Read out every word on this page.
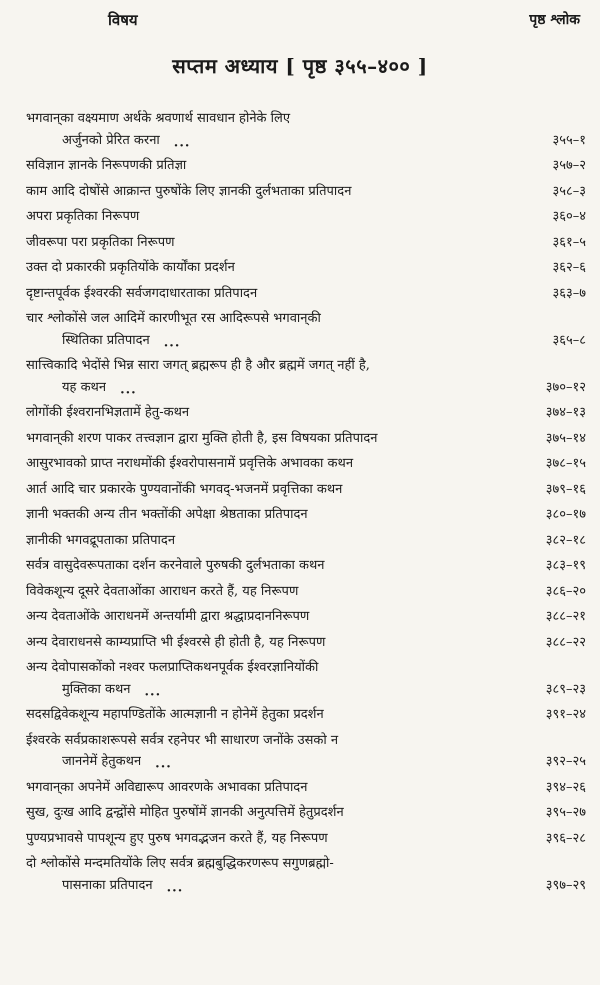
विषय	पृष्ठ श्लोक
सप्तम अध्याय [ पृष्ठ ३५५–४०० ]
भगवान्‌का वक्ष्यमाण अर्थके श्रवणार्थ सावधान होनेके लिए
अर्जुनको प्रेरित करना ···	३५५–१
सविज्ञान ज्ञानके निरूपणकी प्रतिज्ञा	३५७–२
काम आदि दोषोंसे आक्रान्त पुरुषोंके लिए ज्ञानकी दुर्लभताका प्रतिपादन	३५८–३
अपरा प्रकृतिका निरूपण	३६०–४
जीवरूपा परा प्रकृतिका निरूपण	३६१–५
उक्त दो प्रकारकी प्रकृतियोंके कार्योंका प्रदर्शन	३६२–६
दृष्टान्तपूर्वक ईश्वरकी सर्वजगदाधारताका प्रतिपादन	३६३–७
चार श्लोकोंसे जल आदिमें कारणीभूत रस आदिरूपसे भगवान्‌की
स्थितिका प्रतिपादन ···	३६५–८
सात्त्विकादि भेदोंसे भिन्न सारा जगत् ब्रह्मरूप ही है और ब्रह्ममें जगत् नहीं है,
यह कथन ···	३७०–१२
लोगोंकी ईश्वरानभिज्ञतामें हेतु-कथन	३७४–१३
भगवान्‌की शरण पाकर तत्त्वज्ञान द्वारा मुक्ति होती है, इस विषयका प्रतिपादन	३७५–१४
आसुरभावको प्राप्त नराधमोंकी ईश्वरोपासनामें प्रवृत्तिके अभावका कथन	३७८–१५
आर्त आदि चार प्रकारके पुण्यवानोंकी भगवद्-भजनमें प्रवृत्तिका कथन	३७९–१६
ज्ञानी भक्तकी अन्य तीन भक्तोंकी अपेक्षा श्रेष्ठताका प्रतिपादन	३८०–१७
ज्ञानीकी भगवद्रूपताका प्रतिपादन	३८२–१८
सर्वत्र वासुदेवरूपताका दर्शन करनेवाले पुरुषकी दुर्लभताका कथन	३८३–१९
विवेकशून्य दूसरे देवताओंका आराधन करते हैं, यह निरूपण	३८६–२०
अन्य देवताओंके आराधनमें अन्तर्यामी द्वारा श्रद्धाप्रदाननिरूपण	३८८–२१
अन्य देवाराधनसे काम्यप्राप्ति भी ईश्वरसे ही होती है, यह निरूपण	३८८–२२
अन्य देवोपासकोंको नश्वर फलप्राप्तिकथनपूर्वक ईश्वरज्ञानियोंकी
मुक्तिका कथन ···	३८९–२३
सदसद्विवेकशून्य महापण्डितोंके आत्मज्ञानी न होनेमें हेतुका प्रदर्शन	३९१–२४
ईश्वरके सर्वप्रकाशरूपसे सर्वत्र रहनेपर भी साधारण जनोंके उसको न
जाननेमें हेतुकथन ···	३९२–२५
भगवान्‌का अपनेमें अविद्यारूप आवरणके अभावका प्रतिपादन	३९४–२६
सुख, दुःख आदि द्वन्द्वोंसे मोहित पुरुषोंमें ज्ञानकी अनुत्पत्तिमें हेतुप्रदर्शन	३९५–२७
पुण्यप्रभावसे पापशून्य हुए पुरुष भगवद्भजन करते हैं, यह निरूपण	३९६–२८
दो श्लोकोंसे मन्दमतियोंके लिए सर्वत्र ब्रह्मबुद्धिकरणरूप सगुणब्रह्मो-
पासनाका प्रतिपादन ···	३९७–२९
